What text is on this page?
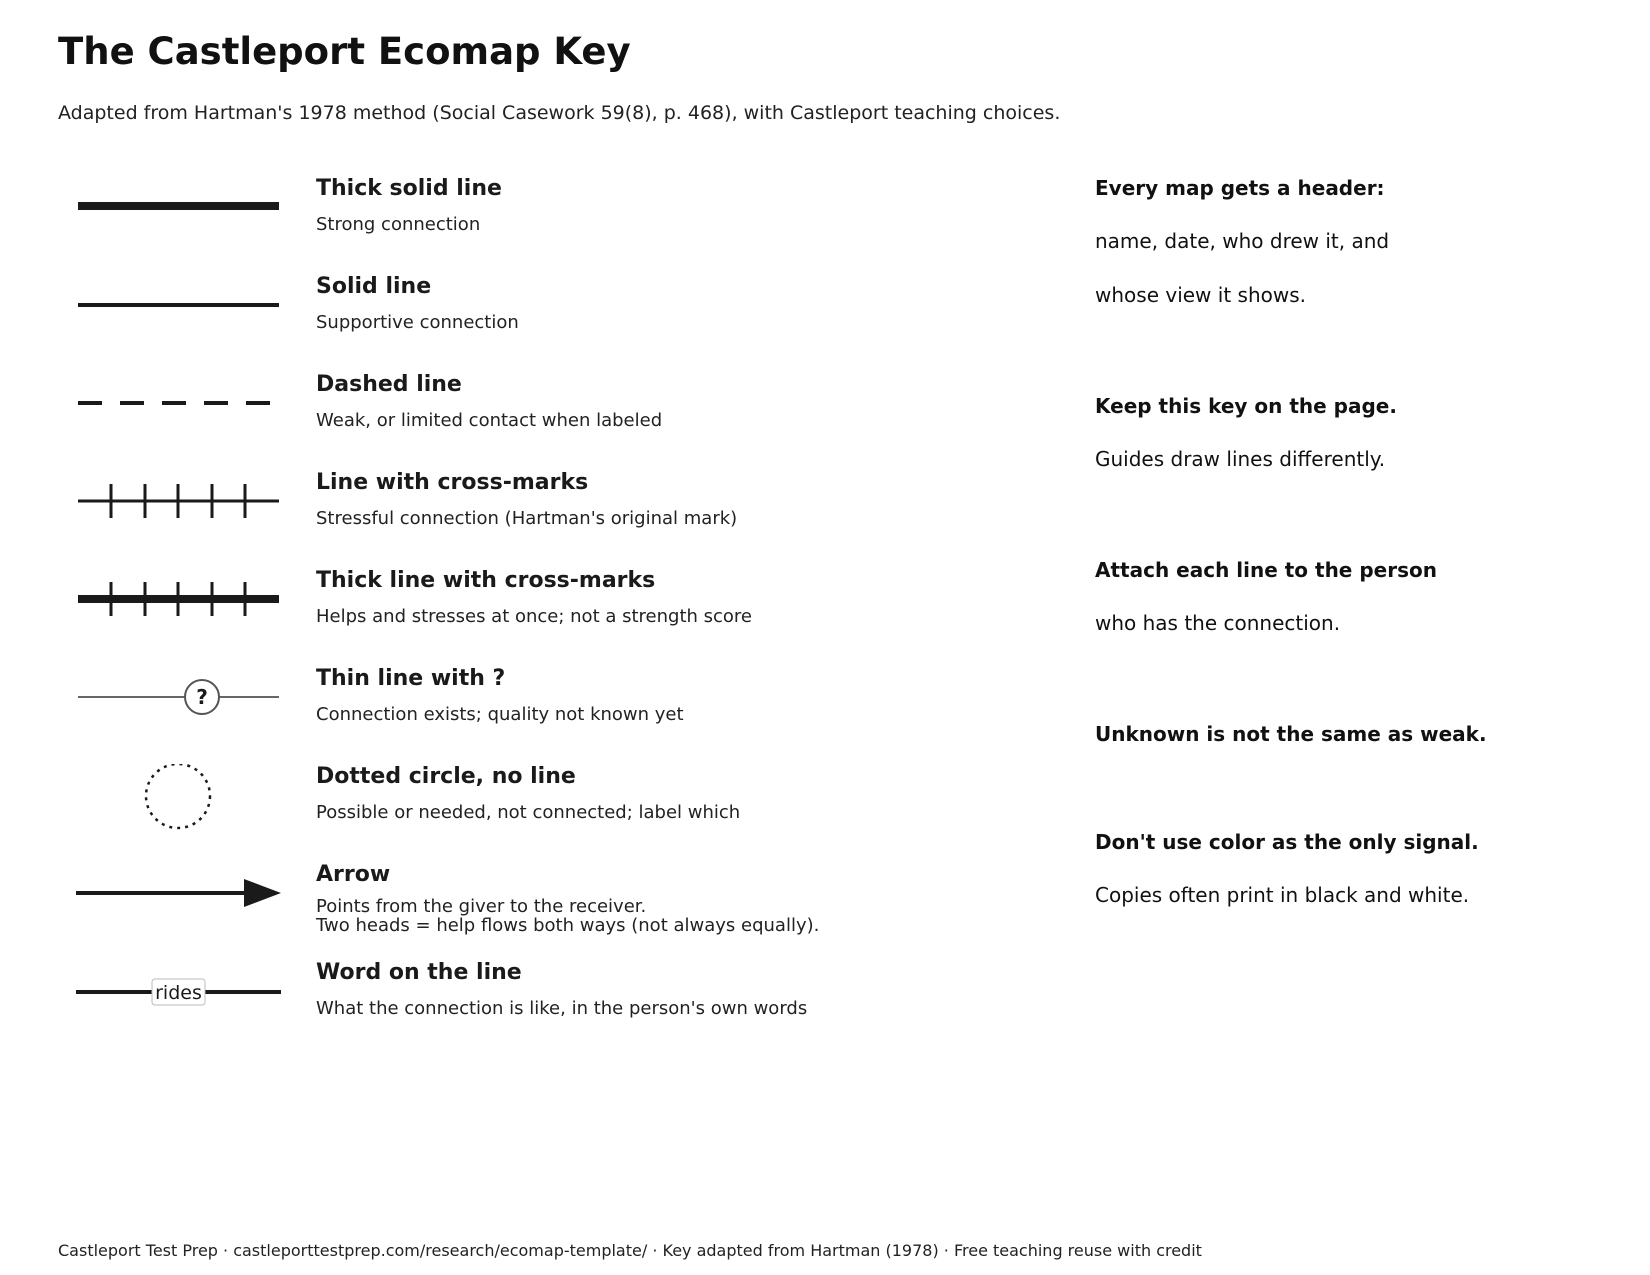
The Castleport Ecomap Key
Adapted from Hartman's 1978 method (Social Casework 59(8), p. 468), with Castleport teaching choices.
Thick solid line
Strong connection
Solid line
Supportive connection
Dashed line
Weak, or limited contact when labeled
Line with cross-marks
Stressful connection (Hartman's original mark)
Thick line with cross-marks
Helps and stresses at once; not a strength score
?
Thin line with ?
Connection exists; quality not known yet
Dotted circle, no line
Possible or needed, not connected; label which
Arrow
Points from the giver to the receiver.
Two heads = help flows both ways (not always equally).
rides
Word on the line
What the connection is like, in the person's own words
Every map gets a header:
name, date, who drew it, and
whose view it shows.
Keep this key on the page.
Guides draw lines differently.
Attach each line to the person
who has the connection.
Unknown is not the same as weak.
Don't use color as the only signal.
Copies often print in black and white.
Castleport Test Prep · castleporttestprep.com/research/ecomap-template/ · Key adapted from Hartman (1978) · Free teaching reuse with credit
